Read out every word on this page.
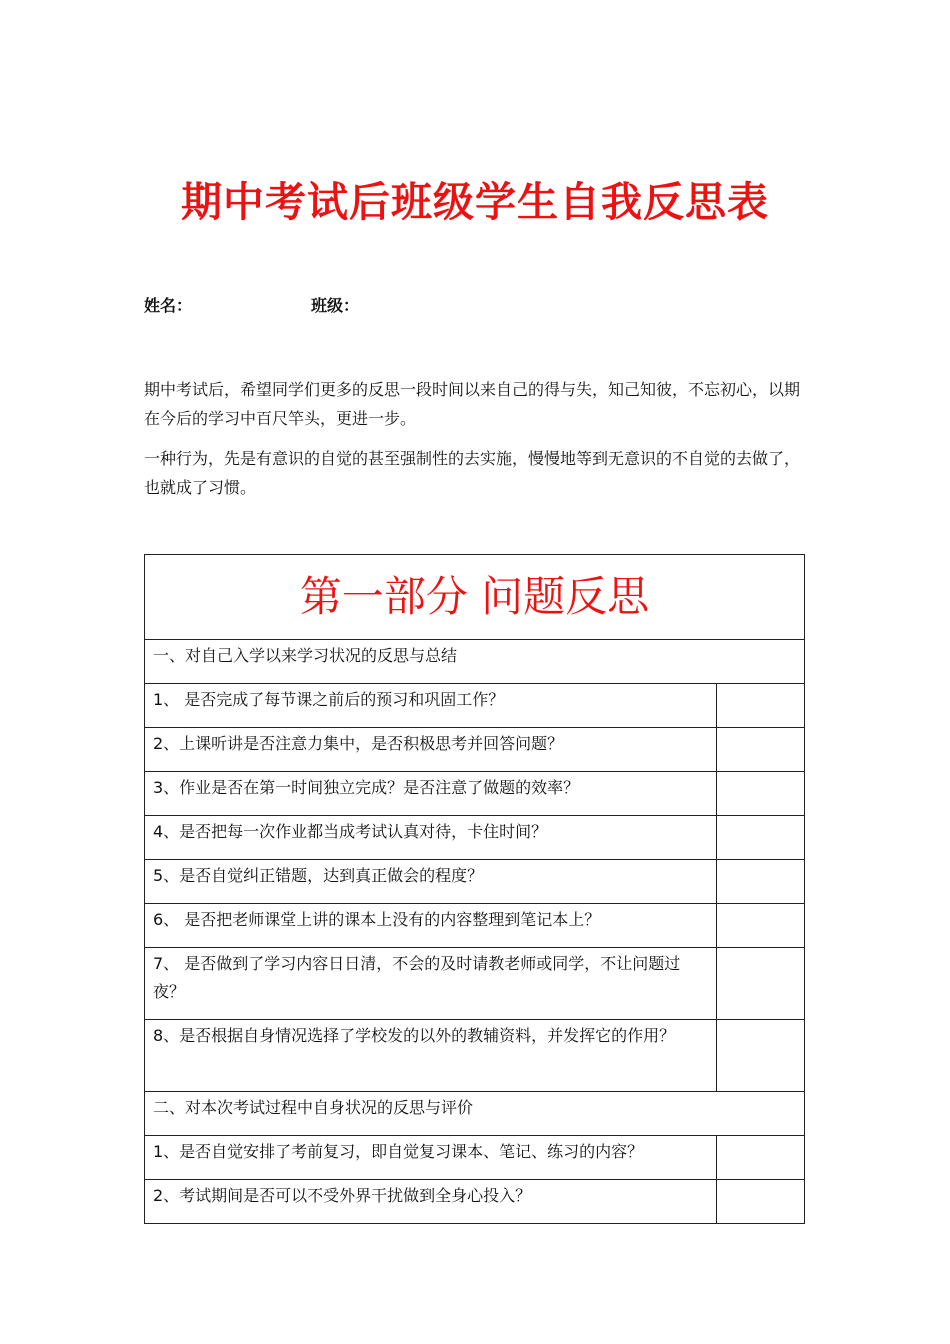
期中考试后班级学生自我反思表
姓名：	班级：

期中考试后，希望同学们更多的反思一段时间以来自己的得与失，知己知彼，不忘初心，以期在今后的学习中百尺竿头，更进一步。

一种行为，先是有意识的自觉的甚至强制性的去实施，慢慢地等到无意识的不自觉的去做了，也就成了习惯。

第一部分 问题反思	
一、对自己入学以来学习状况的反思与总结	
1、 是否完成了每节课之前后的预习和巩固工作？	
2、上课听讲是否注意力集中，是否积极思考并回答问题？	
3、作业是否在第一时间独立完成？是否注意了做题的效率？	
4、是否把每一次作业都当成考试认真对待，卡住时间？	
5、是否自觉纠正错题，达到真正做会的程度？	
6、 是否把老师课堂上讲的课本上没有的内容整理到笔记本上？	
7、 是否做到了学习内容日日清，不会的及时请教老师或同学，不让问题过夜？	
8、是否根据自身情况选择了学校发的以外的教辅资料，并发挥它的作用？	
二、对本次考试过程中自身状况的反思与评价	
1、是否自觉安排了考前复习，即自觉复习课本、笔记、练习的内容？	
2、考试期间是否可以不受外界干扰做到全身心投入？	
